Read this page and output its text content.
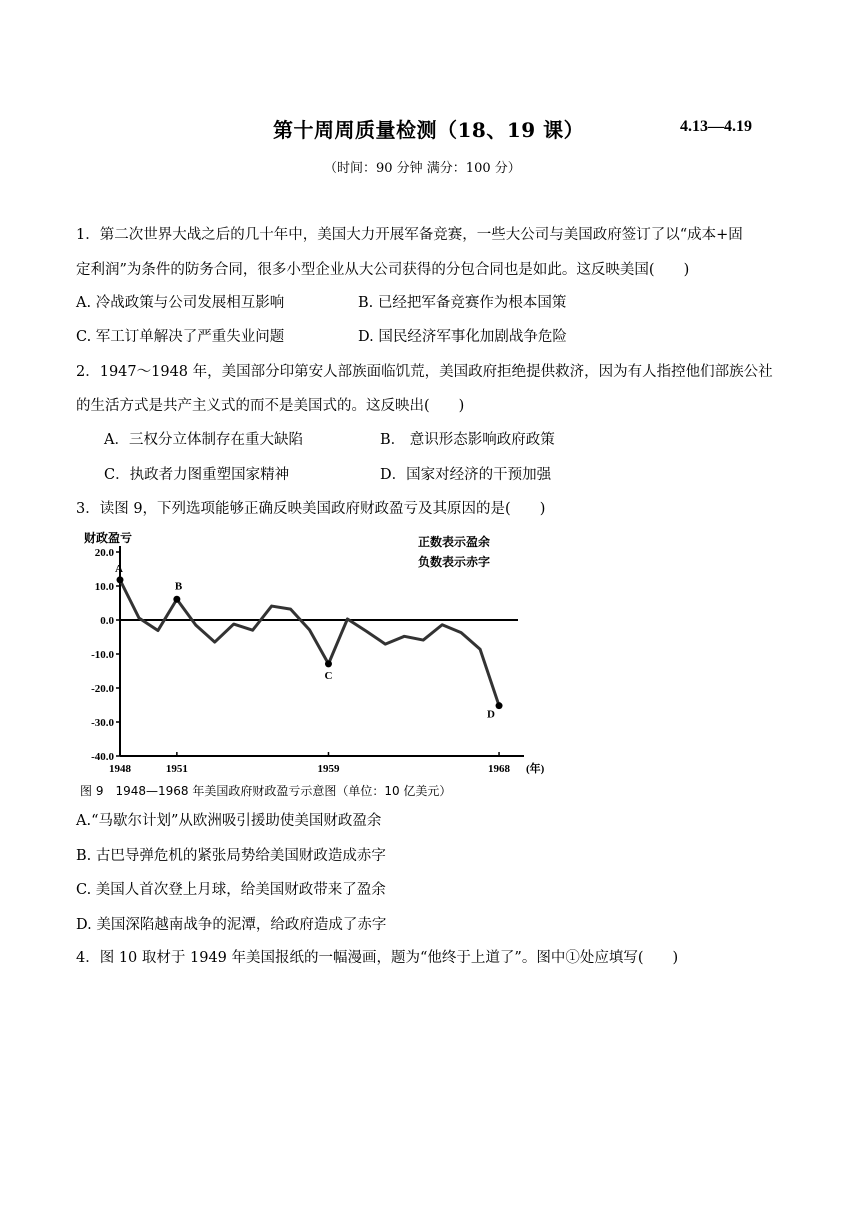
第十周周质量检测（18、19 课）	4.13—4.19
（时间：90 分钟 满分：100 分）
1．第二次世界大战之后的几十年中，美国大力开展军备竞赛，一些大公司与美国政府签订了以“成本+固
定利润”为条件的防务合同，很多小型企业从大公司获得的分包合同也是如此。这反映美国(　　)
A. 冷战政策与公司发展相互影响	B. 已经把军备竞赛作为根本国策
C. 军工订单解决了严重失业问题	D. 国民经济军事化加剧战争危险
2．1947～1948 年，美国部分印第安人部族面临饥荒，美国政府拒绝提供救济，因为有人指控他们部族公社
的生活方式是共产主义式的而不是美国式的。这反映出(　　)
A．三权分立体制存在重大缺陷	B． 意识形态影响政府政策
C．执政者力图重塑国家精神	D．国家对经济的干预加强
3．读图 9，下列选项能够正确反映美国政府财政盈亏及其原因的是(　　)
20.0
10.0
0.0
-10.0
-20.0
-30.0
-40.0
1948	1951	1959	1968 (年)
财政盈亏	正数表示盈余
负数表示赤字
A
B
C
D
图 9　1948—1968 年美国政府财政盈亏示意图（单位：10 亿美元）
A.“马歇尔计划”从欧洲吸引援助使美国财政盈余
B. 古巴导弹危机的紧张局势给美国财政造成赤字
C. 美国人首次登上月球，给美国财政带来了盈余
D. 美国深陷越南战争的泥潭，给政府造成了赤字
4．图 10 取材于 1949 年美国报纸的一幅漫画，题为“他终于上道了”。图中①处应填写(　　)
